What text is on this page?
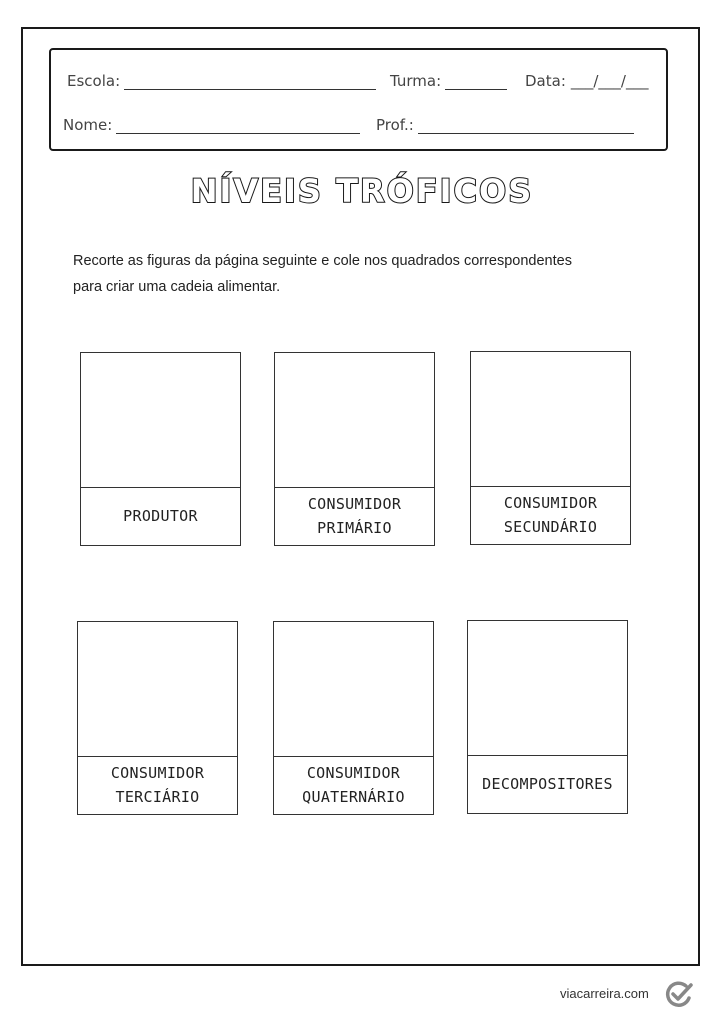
Escola:	Turma:	Data: ___/___/___
Nome:	Prof.:
NÍVEIS TRÓFICOS
Recorte as figuras da página seguinte e cole nos quadrados correspondentes
para criar uma cadeia alimentar.
PRODUTOR
CONSUMIDOR
PRIMÁRIO
CONSUMIDOR
SECUNDÁRIO
CONSUMIDOR
TERCIÁRIO
CONSUMIDOR
QUATERNÁRIO
DECOMPOSITORES
viacarreira.com
